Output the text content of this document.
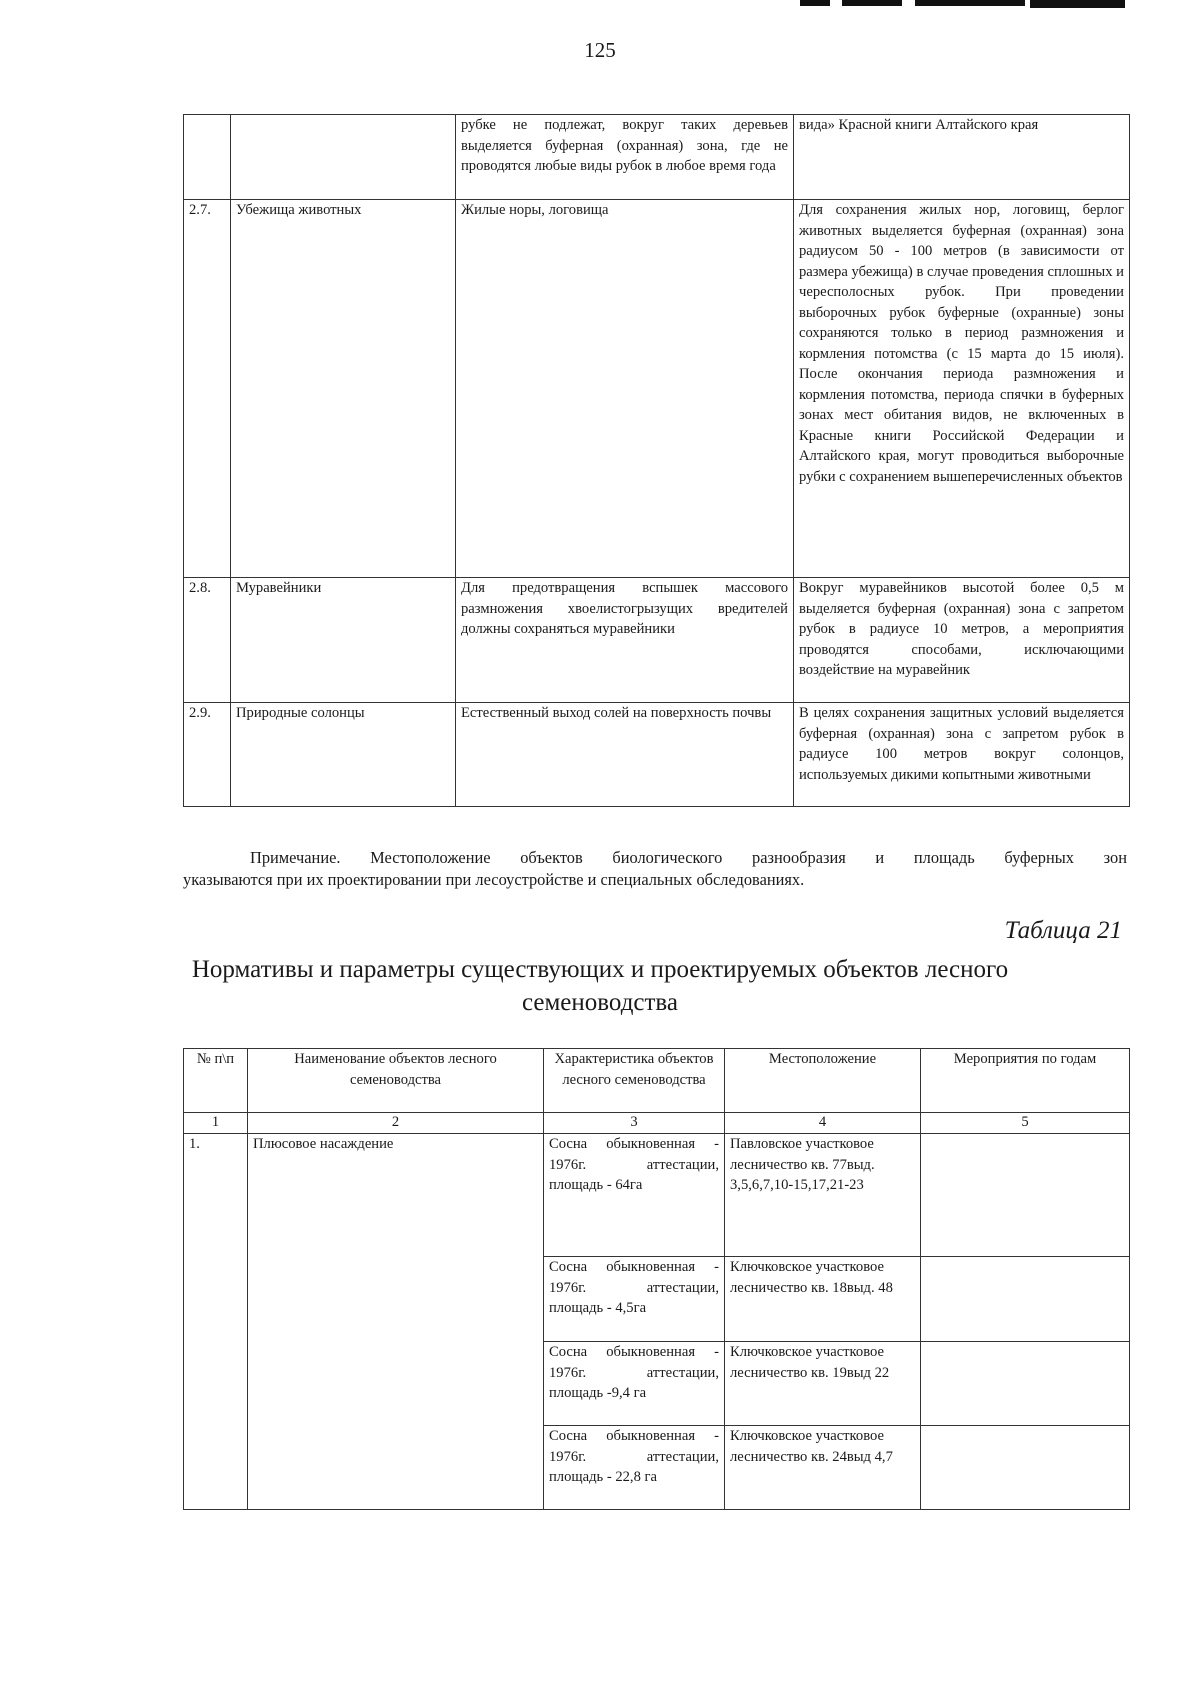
125
		рубке не подлежат, вокруг таких деревьев выделяется буферная (охранная) зона, где не проводятся любые виды рубок в любое время года	вида» Красной книги Алтайского края
2.7.	Убежища животных	Жилые норы, логовища	Для сохранения жилых нор, логовищ, берлог животных выделяется буферная (охранная) зона радиусом 50 - 100 метров (в зависимости от размера убежища) в случае проведения сплошных и чересполосных рубок. При проведении выборочных рубок буферные (охранные) зоны сохраняются только в период размножения и кормления потомства (с 15 марта до 15 июля). После окончания периода размножения и кормления потомства, периода спячки в буферных зонах мест обитания видов, не включенных в Красные книги Российской Федерации и Алтайского края, могут проводиться выборочные рубки с сохранением вышеперечисленных объектов
2.8.	Муравейники	Для предотвращения вспышек массового размножения хвоелистогрызущих вредителей должны сохраняться муравейники	Вокруг муравейников высотой более 0,5 м выделяется буферная (охранная) зона с запретом рубок в радиусе 10 метров, а мероприятия проводятся способами, исключающими воздействие на муравейник
2.9.	Природные солонцы	Естественный выход солей на поверхность почвы	В целях сохранения защитных условий выделяется буферная (охранная) зона с запретом рубок в радиусе 100 метров вокруг солонцов, используемых дикими копытными животными
Примечание. Местоположение объектов биологического разнообразия и площадь буферных зон
указываются при их проектировании при лесоустройстве и специальных обследованиях.
Таблица 21
Нормативы и параметры существующих и проектируемых объектов лесного семеноводства
№ п\п	Наименование объектов лесного семеноводства	Характеристика объектов лесного семеноводства	Местоположение	Мероприятия по годам
1	2	3	4	5
1.	Плюсовое насаждение	Сосна обыкновенная - 1976г. аттестации, площадь - 64га	Павловское участковое лесничество кв. 77выд. 3,5,6,7,10-15,17,21-23	
		Сосна обыкновенная - 1976г. аттестации, площадь - 4,5га	Ключковское участковое лесничество кв. 18выд. 48	
		Сосна обыкновенная - 1976г. аттестации, площадь -9,4 га	Ключковское участковое лесничество кв. 19выд 22	
		Сосна обыкновенная - 1976г. аттестации, площадь - 22,8 га	Ключковское участковое лесничество кв. 24выд 4,7	
